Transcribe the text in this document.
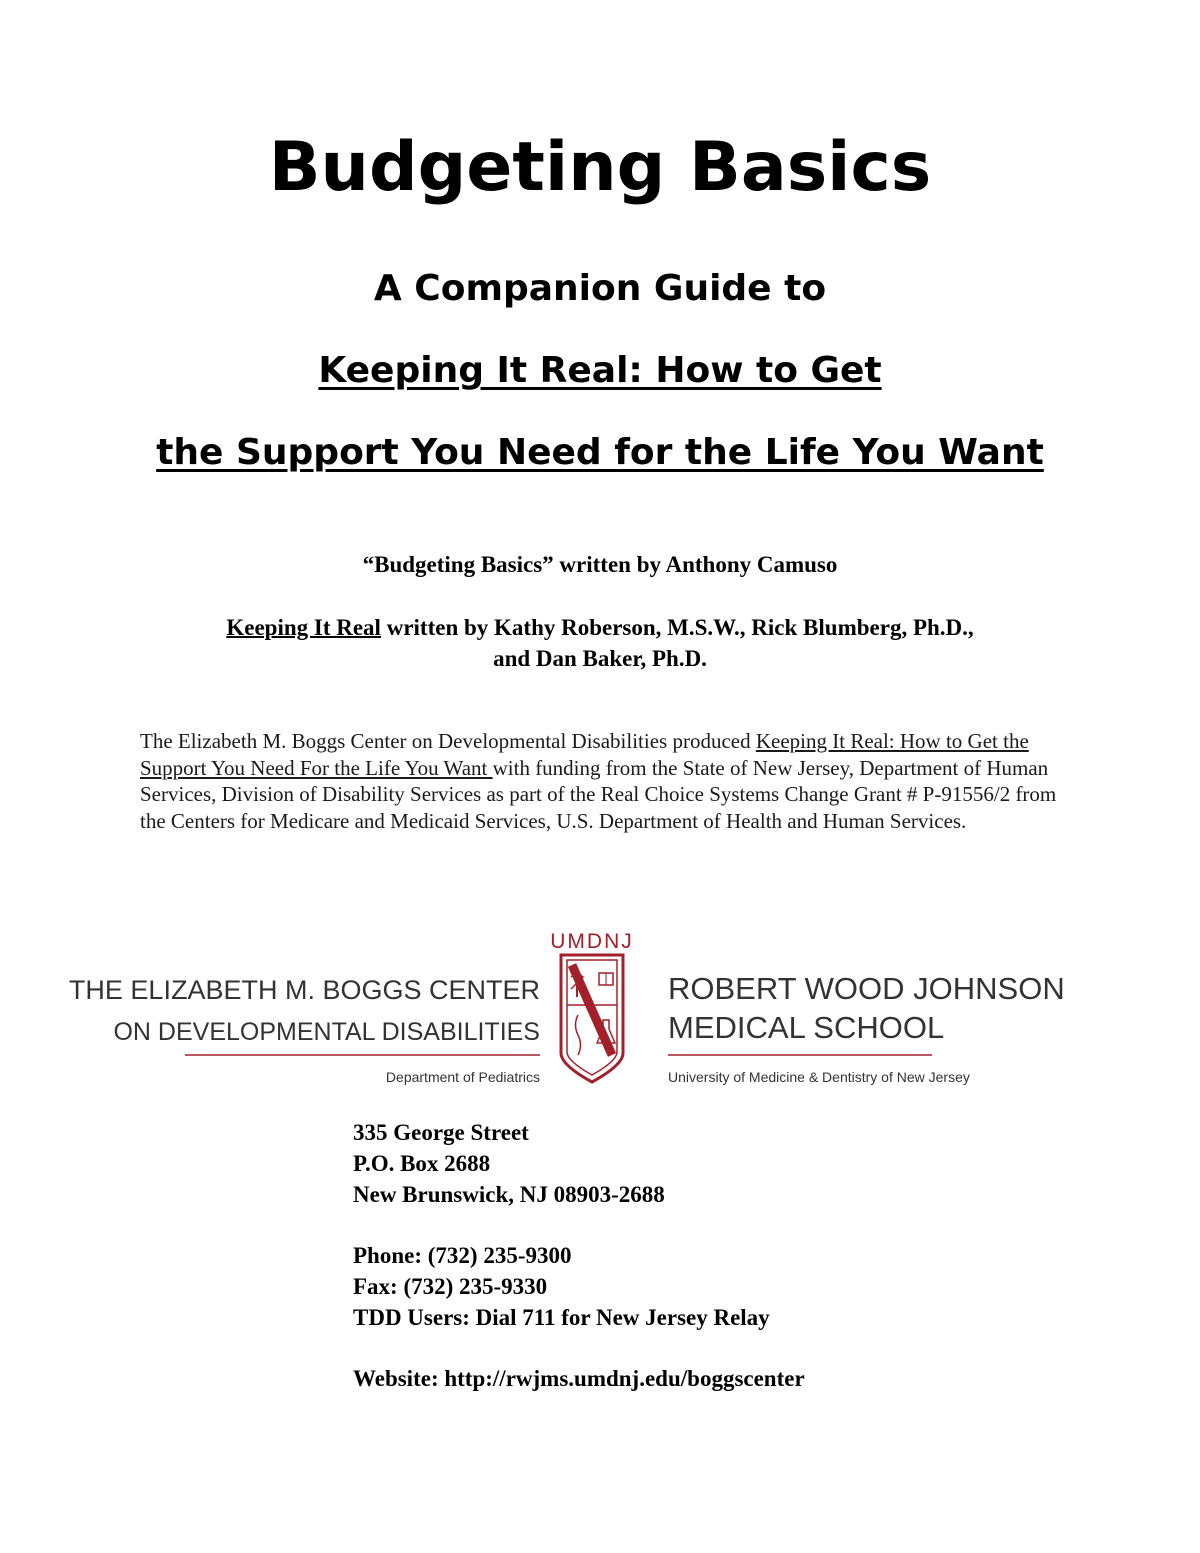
Budgeting Basics
A Companion Guide to
Keeping It Real: How to Get
the Support You Need for the Life You Want
“Budgeting Basics” written by Anthony Camuso
Keeping It Real written by Kathy Roberson, M.S.W., Rick Blumberg, Ph.D.,
and Dan Baker, Ph.D.
The Elizabeth M. Boggs Center on Developmental Disabilities produced Keeping It Real: How to Get the Support You Need For the Life You Want with funding from the State of New Jersey, Department of Human Services, Division of Disability Services as part of the Real Choice Systems Change Grant # P-91556/2 from the Centers for Medicare and Medicaid Services, U.S. Department of Health and Human Services.
THE ELIZABETH M. BOGGS CENTER
ON DEVELOPMENTAL DISABILITIES
Department of Pediatrics
ROBERT WOOD JOHNSON
MEDICAL SCHOOL
University of Medicine & Dentistry of New Jersey
UMDNJ
335 George Street
P.O. Box 2688
New Brunswick, NJ 08903-2688
Phone: (732) 235-9300
Fax: (732) 235-9330
TDD Users: Dial 711 for New Jersey Relay
Website: http://rwjms.umdnj.edu/boggscenter
